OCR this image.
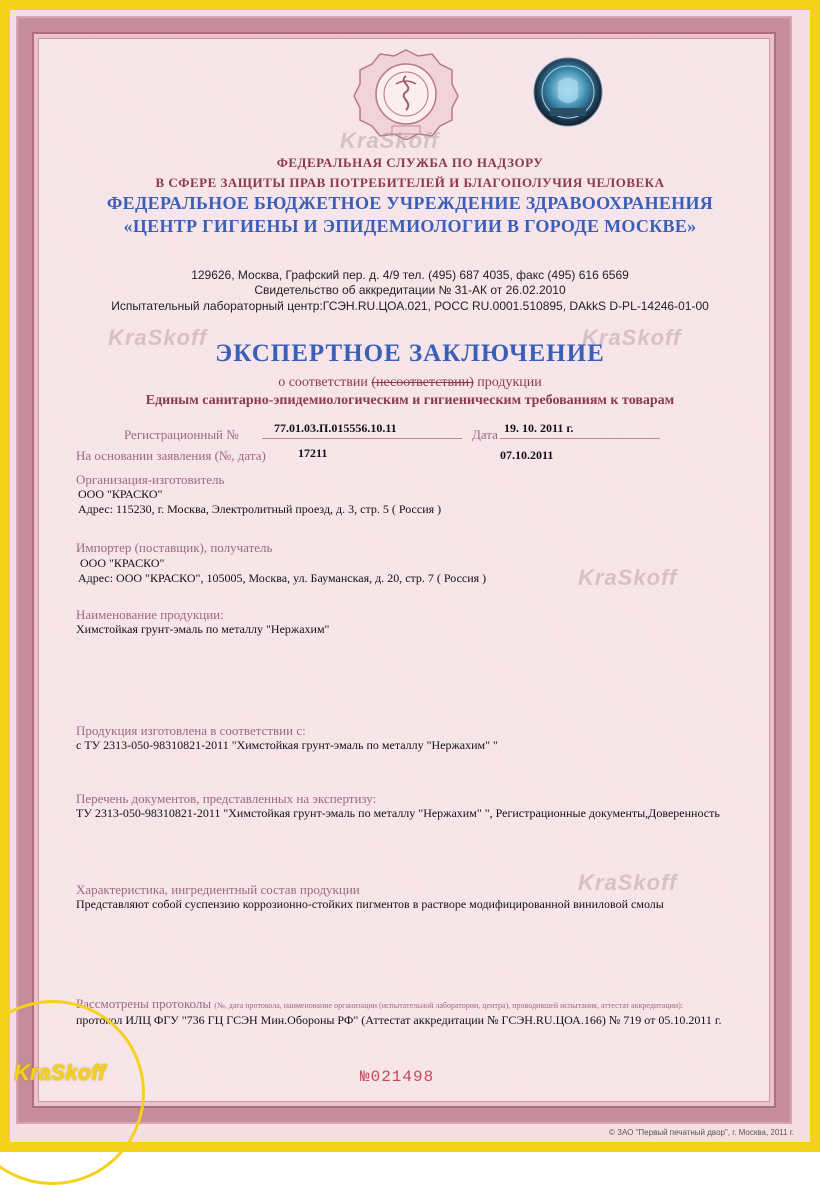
KraSkoff
KraSkoff	KraSkoff
KraSkoff
KraSkoff
ФЕДЕРАЛЬНАЯ СЛУЖБА ПО НАДЗОРУ
В СФЕРЕ ЗАЩИТЫ ПРАВ ПОТРЕБИТЕЛЕЙ И БЛАГОПОЛУЧИЯ ЧЕЛОВЕКА
ФЕДЕРАЛЬНОЕ БЮДЖЕТНОЕ УЧРЕЖДЕНИЕ ЗДРАВООХРАНЕНИЯ
«ЦЕНТР ГИГИЕНЫ И ЭПИДЕМИОЛОГИИ В ГОРОДЕ МОСКВЕ»
129626, Москва, Графский пер. д. 4/9 тел. (495) 687 4035, факс (495) 616 6569
Свидетельство об аккредитации № 31-АК от 26.02.2010
Испытательный лабораторный центр:ГСЭН.RU.ЦОА.021, РОСС RU.0001.510895, DAkkS D-PL-14246-01-00
ЭКСПЕРТНОЕ ЗАКЛЮЧЕНИЕ
о соответствии (несоответствии) продукции
Единым санитарно-эпидемиологическим и гигиеническим требованиям к товарам
Регистрационный №	77.01.03.П.015556.10.11	Дата 19. 10. 2011 г.
На основании заявления (№, дата)	17211	07.10.2011
Организация-изготовитель
ООО "КРАСКО"
Адрес: 115230, г. Москва, Электролитный проезд, д. 3, стр. 5 ( Россия )
Импортер (поставщик), получатель
ООО "КРАСКО"
Адрес: ООО "КРАСКО", 105005, Москва, ул. Бауманская, д. 20, стр. 7 ( Россия )
Наименование продукции:
Химстойкая грунт-эмаль по металлу "Нержахим"
Продукция изготовлена в соответствии с:
с ТУ 2313-050-98310821-2011 "Химстойкая грунт-эмаль по металлу "Нержахим" "
Перечень документов, представленных на экспертизу:
ТУ 2313-050-98310821-2011 "Химстойкая грунт-эмаль по металлу "Нержахим" ", Регистрационные документы,Доверенность
Характеристика, ингредиентный состав продукции
Представляют собой суспензию коррозионно-стойких пигментов в растворе модифицированной виниловой смолы
Рассмотрены протоколы (№, дата протокола, наименование организации (испытательной лаборатории, центра), проводившей испытания, аттестат аккредитации):
протокол ИЛЦ ФГУ "736 ГЦ ГСЭН Мин.Обороны РФ" (Аттестат аккредитации № ГСЭН.RU.ЦОА.166) № 719 от 05.10.2011 г.
№021498
© ЗАО "Первый печатный двор", г. Москва, 2011 г.
KraSkoff
